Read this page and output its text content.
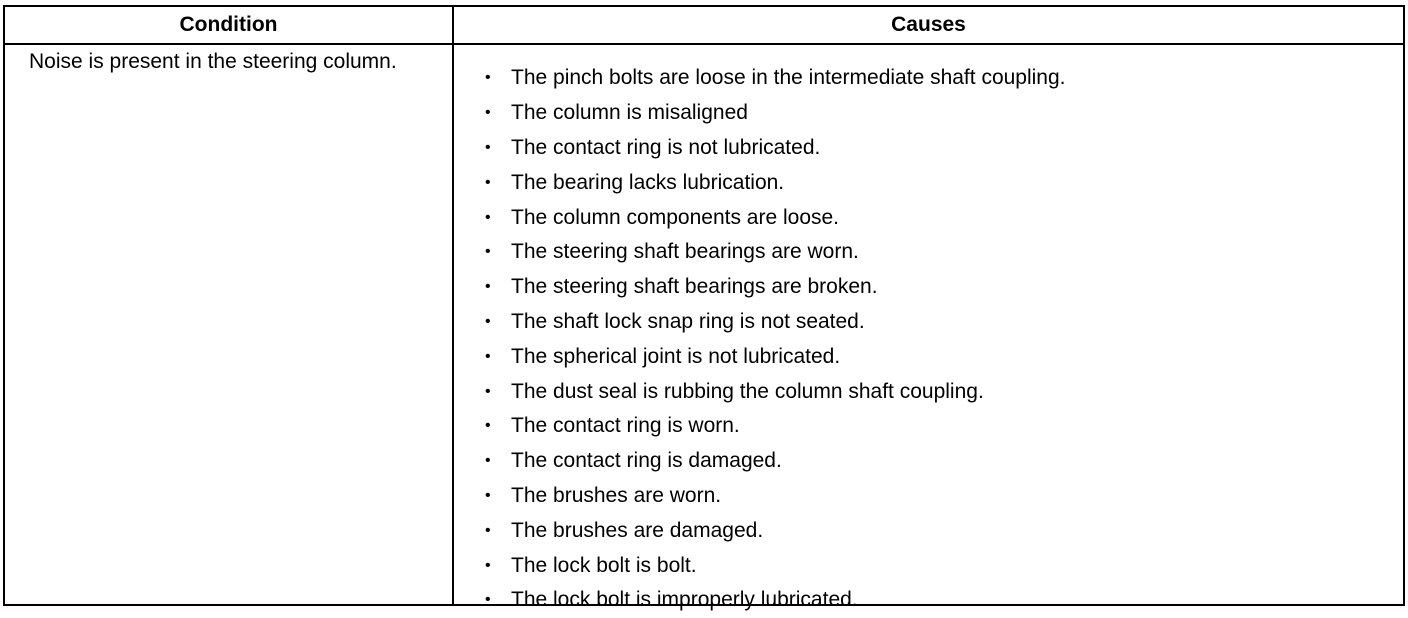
Condition	Causes
Noise is present in the steering column.
• The pinch bolts are loose in the intermediate shaft coupling.
• The column is misaligned
• The contact ring is not lubricated.
• The bearing lacks lubrication.
• The column components are loose.
• The steering shaft bearings are worn.
• The steering shaft bearings are broken.
• The shaft lock snap ring is not seated.
• The spherical joint is not lubricated.
• The dust seal is rubbing the column shaft coupling.
• The contact ring is worn.
• The contact ring is damaged.
• The brushes are worn.
• The brushes are damaged.
• The lock bolt is bolt.
• The lock bolt is improperly lubricated.
